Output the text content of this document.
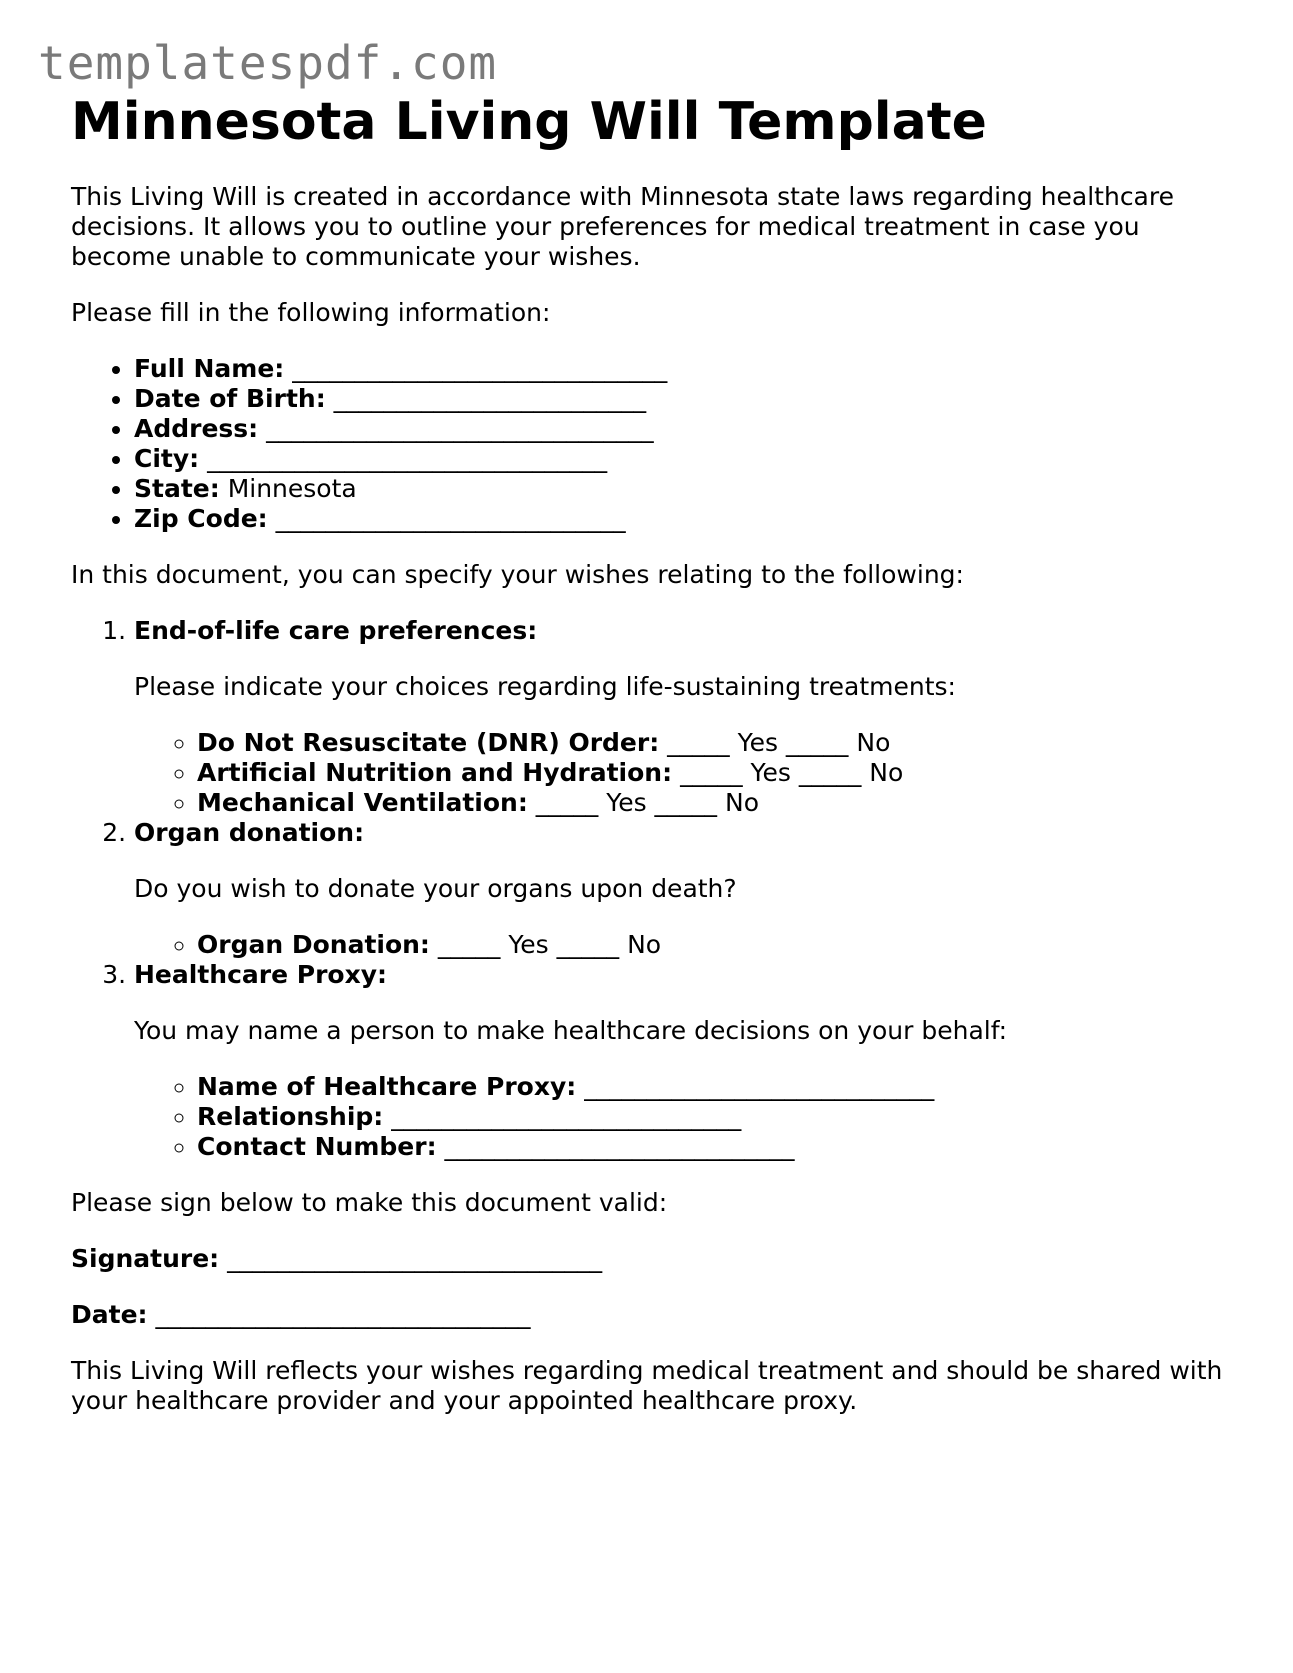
templatespdf.com
Minnesota Living Will Template

This Living Will is created in accordance with Minnesota state laws regarding healthcare decisions. It allows you to outline your preferences for medical treatment in case you become unable to communicate your wishes.

Please fill in the following information:

• Full Name: ______________________________
• Date of Birth: _________________________
• Address: _______________________________
• City: ________________________________
• State: Minnesota
• Zip Code: ____________________________

In this document, you can specify your wishes relating to the following:

1. End-of-life care preferences:

Please indicate your choices regarding life-sustaining treatments:

◦ Do Not Resuscitate (DNR) Order: _____ Yes _____ No
◦ Artificial Nutrition and Hydration: _____ Yes _____ No
◦ Mechanical Ventilation: _____ Yes _____ No
2. Organ donation:

Do you wish to donate your organs upon death?

◦ Organ Donation: _____ Yes _____ No
3. Healthcare Proxy:

You may name a person to make healthcare decisions on your behalf:

◦ Name of Healthcare Proxy: ____________________________
◦ Relationship: ____________________________
◦ Contact Number: ____________________________

Please sign below to make this document valid:

Signature: ______________________________

Date: ______________________________

This Living Will reflects your wishes regarding medical treatment and should be shared with your healthcare provider and your appointed healthcare proxy.
